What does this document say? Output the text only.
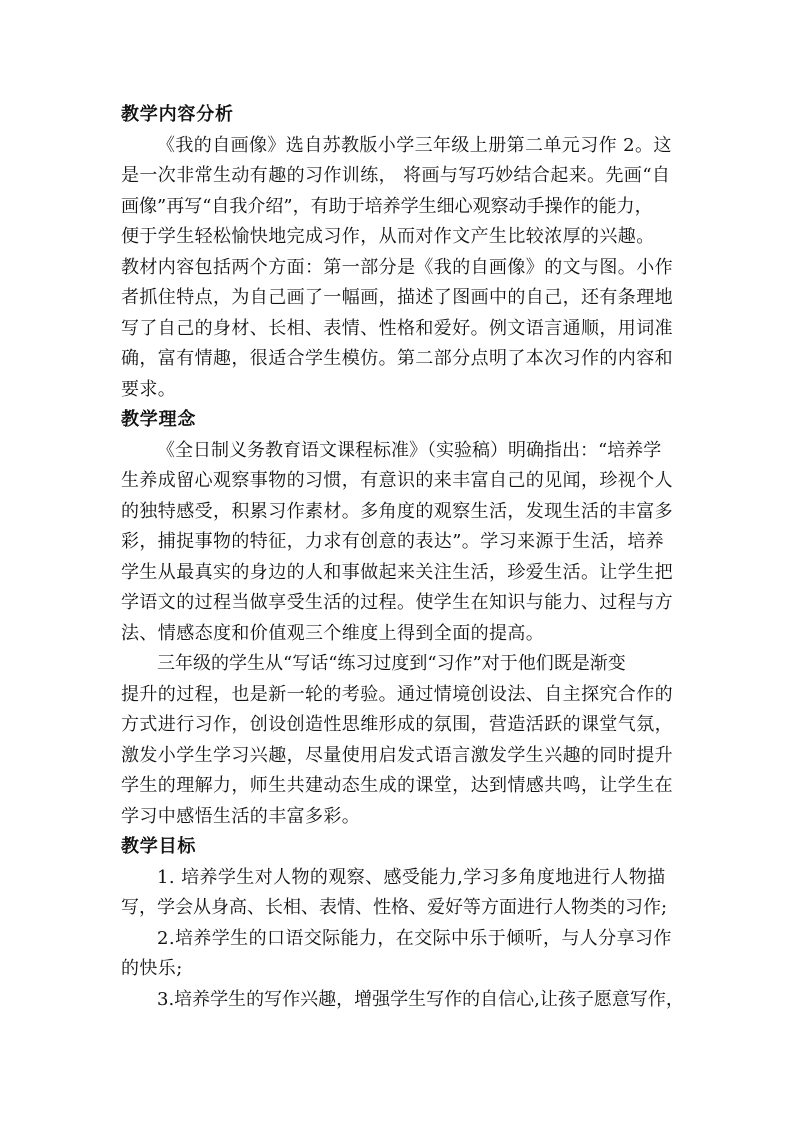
教学内容分析
《我的自画像》选自苏教版小学三年级上册第二单元习作 2。这
是一次非常生动有趣的习作训练， 将画与写巧妙结合起来。先画“自
画像”再写“自我介绍”，有助于培养学生细心观察动手操作的能力，
便于学生轻松愉快地完成习作，从而对作文产生比较浓厚的兴趣。
教材内容包括两个方面：第一部分是《我的自画像》的文与图。小作
者抓住特点，为自己画了一幅画，描述了图画中的自己，还有条理地
写了自己的身材、长相、表情、性格和爱好。例文语言通顺，用词准
确，富有情趣，很适合学生模仿。第二部分点明了本次习作的内容和
要求。
教学理念
《全日制义务教育语文课程标准》（实验稿）明确指出：“培养学
生养成留心观察事物的习惯，有意识的来丰富自己的见闻，珍视个人
的独特感受，积累习作素材。多角度的观察生活，发现生活的丰富多
彩，捕捉事物的特征，力求有创意的表达”。学习来源于生活，培养
学生从最真实的身边的人和事做起来关注生活，珍爱生活。让学生把
学语文的过程当做享受生活的过程。使学生在知识与能力、过程与方
法、情感态度和价值观三个维度上得到全面的提高。
三年级的学生从“写话“练习过度到“习作”对于他们既是渐变
提升的过程，也是新一轮的考验。通过情境创设法、自主探究合作的
方式进行习作，创设创造性思维形成的氛围，营造活跃的课堂气氛，
激发小学生学习兴趣，尽量使用启发式语言激发学生兴趣的同时提升
学生的理解力，师生共建动态生成的课堂，达到情感共鸣，让学生在
学习中感悟生活的丰富多彩。
教学目标
1. 培养学生对人物的观察、感受能力,学习多角度地进行人物描
写，学会从身高、长相、表情、性格、爱好等方面进行人物类的习作;
2.培养学生的口语交际能力，在交际中乐于倾听，与人分享习作
的快乐;
3.培养学生的写作兴趣，增强学生写作的自信心,让孩子愿意写作，
